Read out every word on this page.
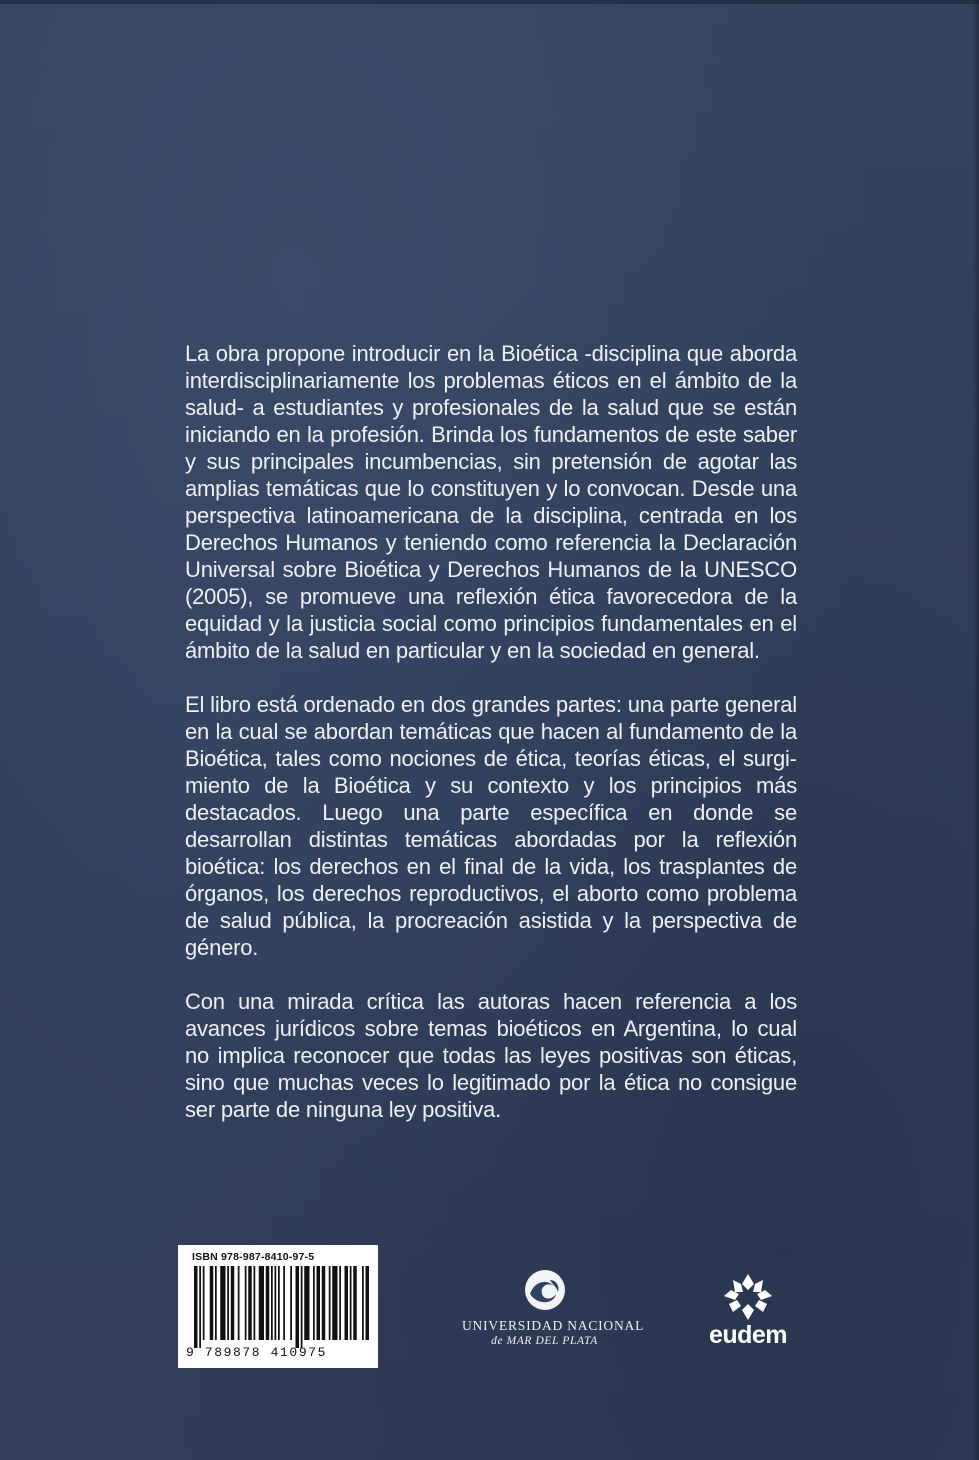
La obra propone introducir en la Bioética -disciplina que aborda interdisciplinariamente los problemas éticos en el ámbito de la salud- a estudiantes y profesionales de la salud que se están iniciando en la profesión. Brinda los fundamentos de este saber y sus principales incumbencias, sin pretensión de agotar las amplias temáticas que lo constituyen y lo convocan. Desde una perspectiva latinoamericana de la disciplina, centrada en los Derechos Humanos y teniendo como referencia la Declaración Universal sobre Bioética y Derechos Humanos de la UNESCO (2005), se promueve una reflexión ética favorecedora de la equidad y la justicia social como principios fundamentales en el ámbito de la salud en particular y en la sociedad en general.

El libro está ordenado en dos grandes partes: una parte general en la cual se abordan temáticas que hacen al fundamento de la Bioética, tales como nociones de ética, teorías éticas, el surgimiento de la Bioética y su contexto y los principios más destacados. Luego una parte específica en donde se desarrollan distintas temáticas abordadas por la reflexión bioética: los derechos en el final de la vida, los trasplantes de órganos, los derechos reproductivos, el aborto como problema de salud pública, la procreación asistida y la perspectiva de género.

Con una mirada crítica las autoras hacen referencia a los avances jurídicos sobre temas bioéticos en Argentina, lo cual no implica reconocer que todas las leyes positivas son éticas, sino que muchas veces lo legitimado por la ética no consigue ser parte de ninguna ley positiva.

ISBN 978-987-8410-97-5
9 789878 410975
UNIVERSIDAD NACIONAL
de MAR DEL PLATA	eudem
